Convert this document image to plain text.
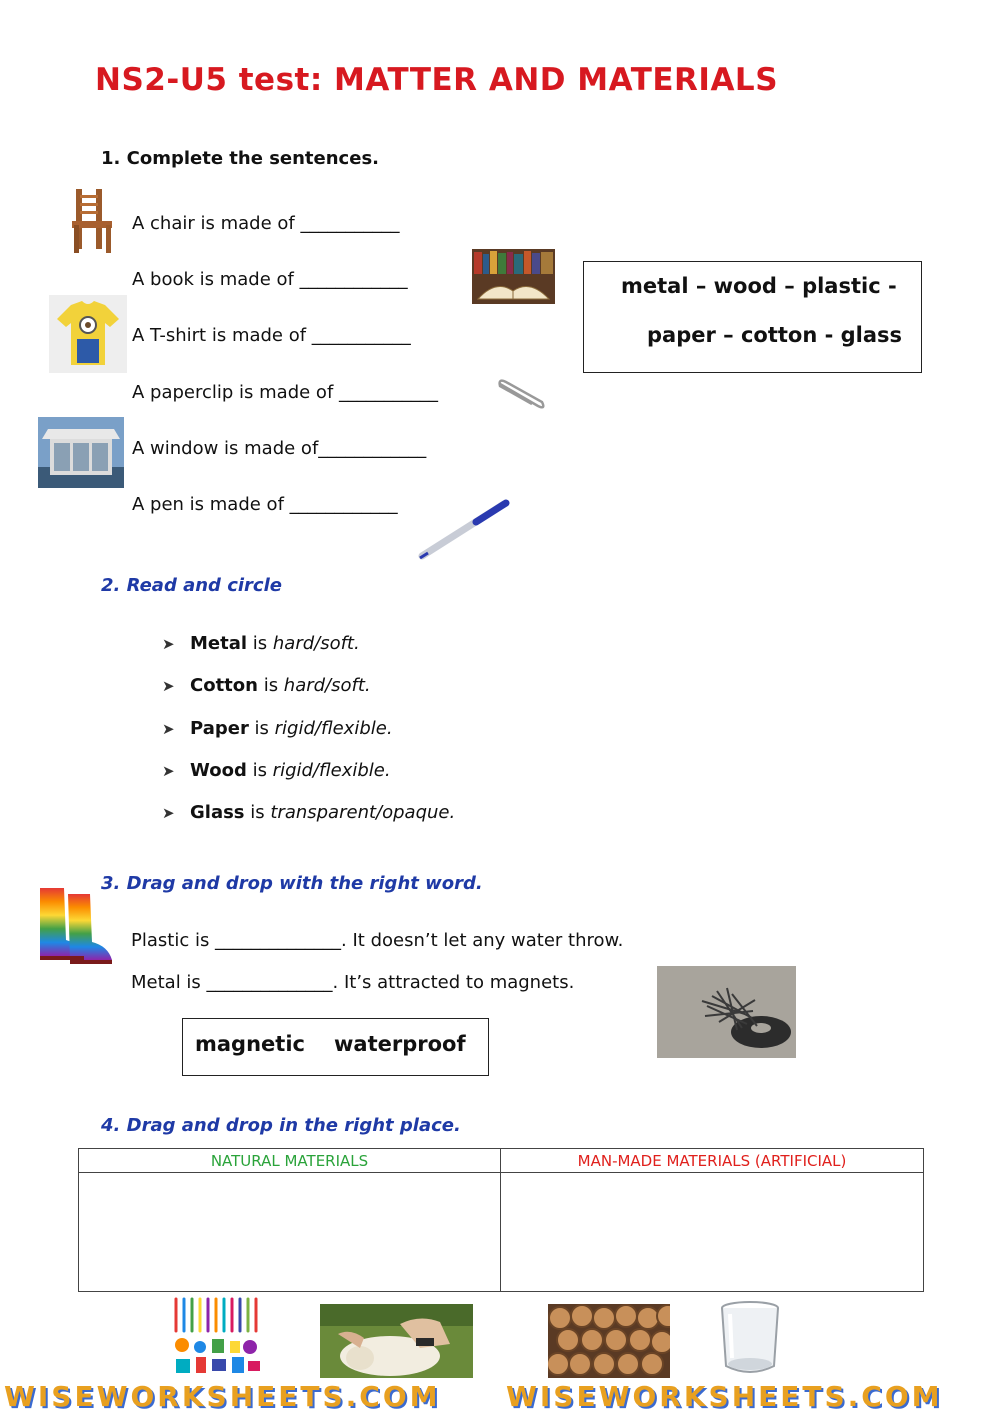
NS2-U5 test: MATTER AND MATERIALS
1. Complete the sentences.
A chair is made of ___________
A book is made of ____________
A T-shirt is made of ___________
A paperclip is made of ___________
A window is made of____________
A pen is made of ____________
metal – wood – plastic -
paper – cotton - glass
2. Read and circle
➤ Metal is hard/soft.
➤ Cotton is hard/soft.
➤ Paper is rigid/flexible.
➤ Wood is rigid/flexible.
➤ Glass is transparent/opaque.
3. Drag and drop with the right word.
Plastic is ______________. It doesn’t let any water throw.
Metal is ______________. It’s attracted to magnets.
magnetic waterproof
4. Drag and drop in the right place.
NATURAL MATERIALS	MAN-MADE MATERIALS (ARTIFICIAL)

WISEWORKSHEETS.COM WISEWORKSHEETS.COM
